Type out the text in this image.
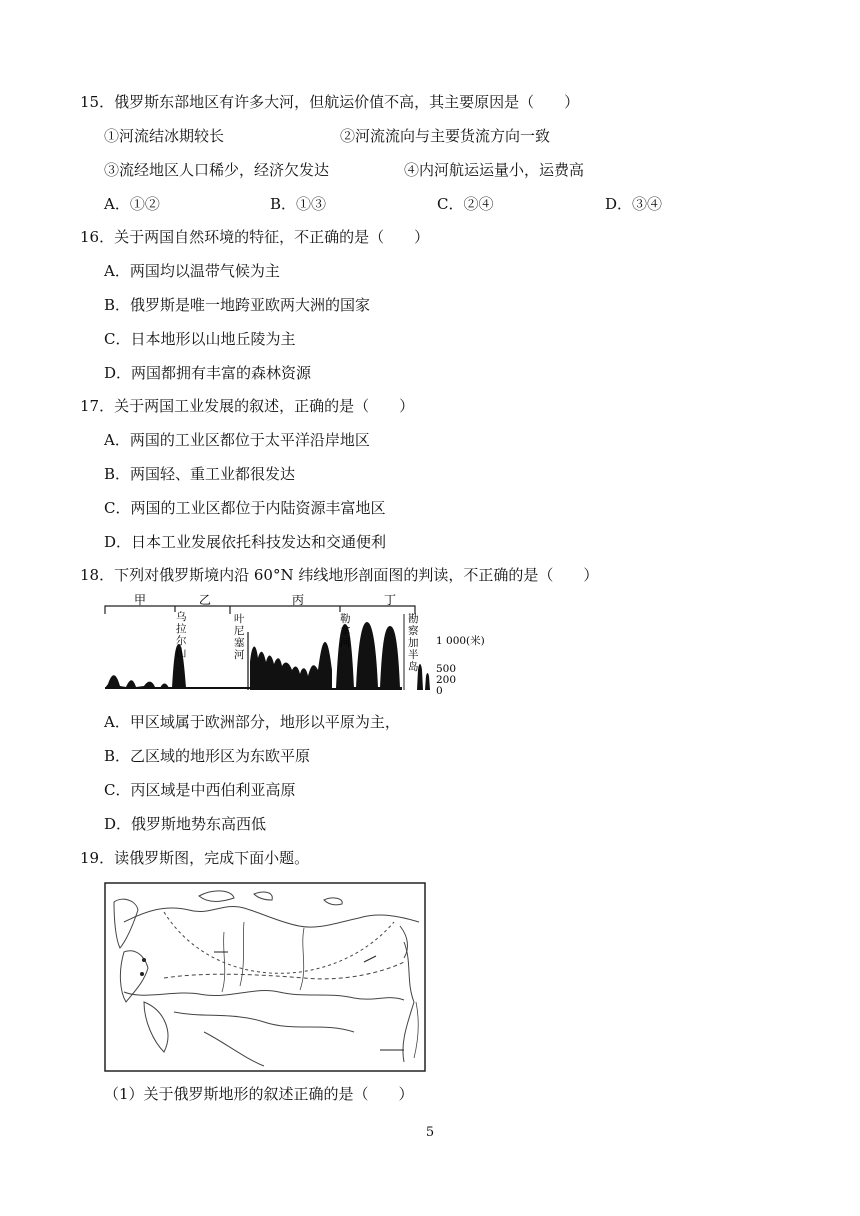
15．俄罗斯东部地区有许多大河，但航运价值不高，其主要原因是（　　）
①河流结冰期较长	②河流流向与主要货流方向一致
③流经地区人口稀少，经济欠发达	④内河航运运量小，运费高
A．①②	B．①③	C．②④	D．③④
16．关于两国自然环境的特征，不正确的是（　　）
A．两国均以温带气候为主
B．俄罗斯是唯一地跨亚欧两大洲的国家
C．日本地形以山地丘陵为主
D．两国都拥有丰富的森林资源
17．关于两国工业发展的叙述，正确的是（　　）
A．两国的工业区都位于太平洋沿岸地区
B．两国轻、重工业都很发达
C．两国的工业区都位于内陆资源丰富地区
D．日本工业发展依托科技发达和交通便利
18．下列对俄罗斯境内沿 60°N 纬线地形剖面图的判读，不正确的是（　　）
甲	乙	丙	丁
乌 拉尔山
叶 尼塞河
勒 拿河
勘 察加半岛
1 000(米)
500
200
0
A．甲区域属于欧洲部分，地形以平原为主，
B．乙区域的地形区为东欧平原
C．丙区域是中西伯利亚高原
D．俄罗斯地势东高西低
19．读俄罗斯图，完成下面小题。
（1）关于俄罗斯地形的叙述正确的是（　　）
5
